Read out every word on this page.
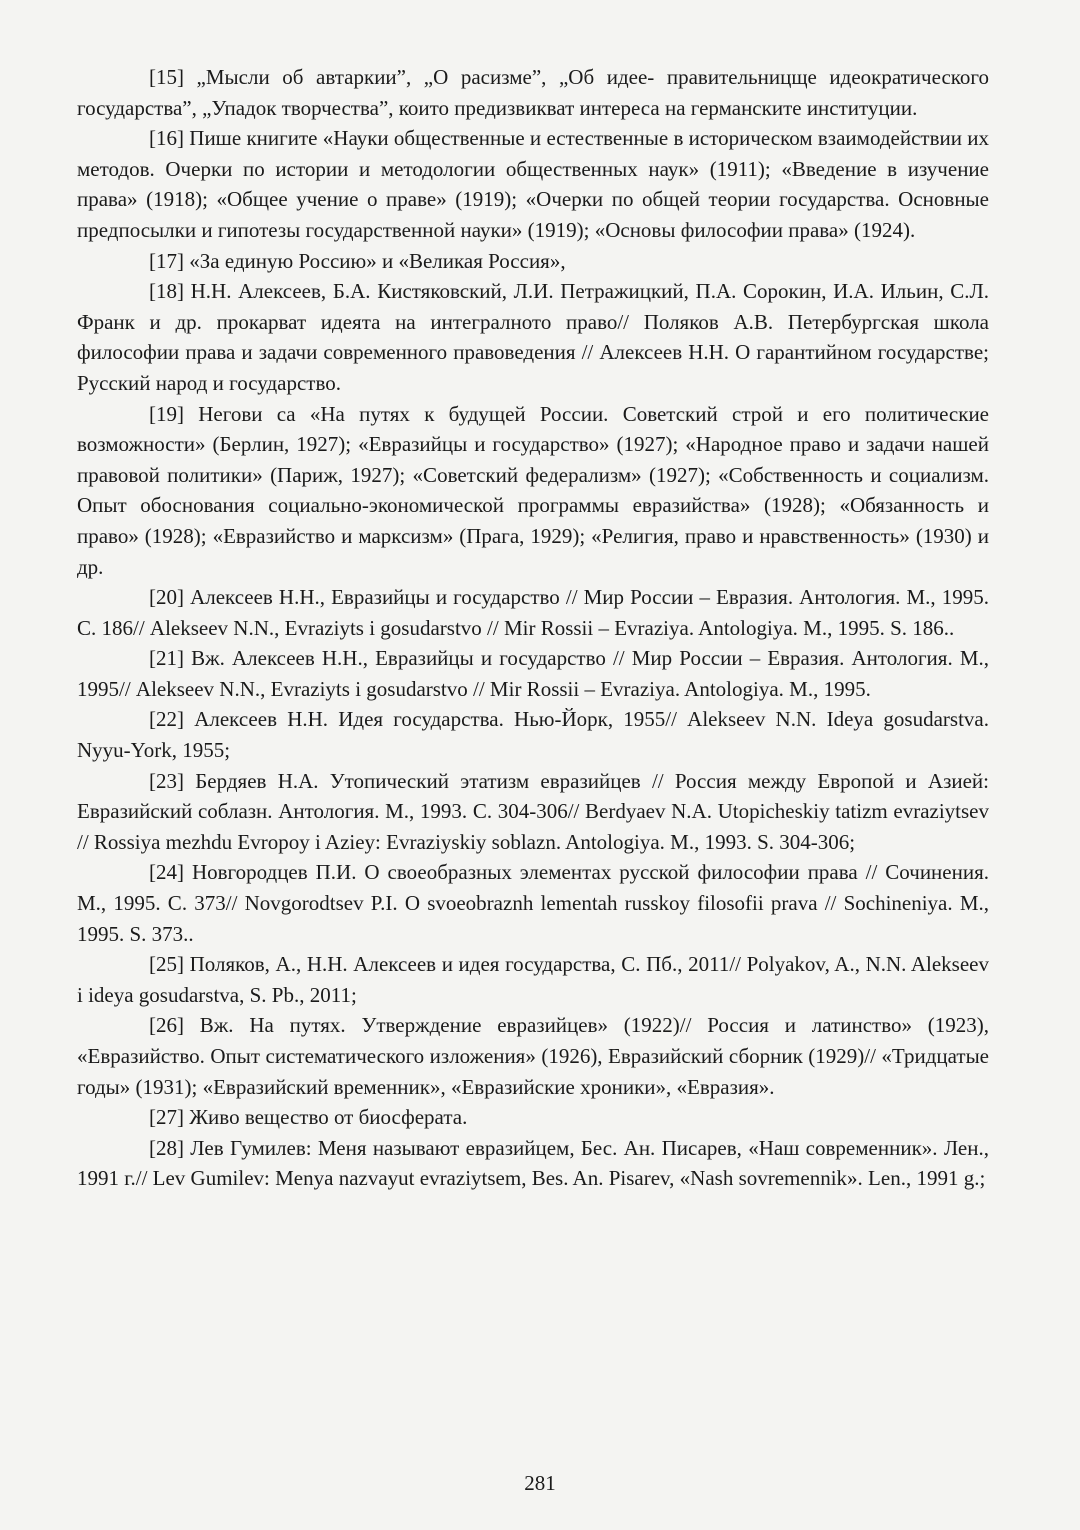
[15] „Мысли об автаркии”, „О расизме”, „Об идее- правительницще идеократического государства”, „Упадок творчества”, които предизвикват интереса на германските институции.

[16] Пише книгите «Науки общественные и естественные в историческом взаимодействии их методов. Очерки по истории и методологии общественных наук» (1911); «Введение в изучение права» (1918); «Общее учение о праве» (1919); «Очерки по общей теории государства. Основные предпосылки и гипотезы государственной науки» (1919); «Основы философии права» (1924).

[17] «За единую Россию» и «Великая Россия»,

[18] Н.Н. Алексеев, Б.А. Кистяковский, Л.И. Петражицкий, П.А. Сорокин, И.А. Ильин, С.Л. Франк и др. прокарват идеята на интегралното право// Поляков А.В. Петербургская школа философии права и задачи современного правоведения // Алексеев Н.Н. О гарантийном государстве; Русский народ и государство.

[19] Негови са «На путях к будущей России. Советский строй и его политические возможности» (Берлин, 1927); «Евразийцы и государство» (1927); «Народное право и задачи нашей правовой политики» (Париж, 1927); «Советский федерализм» (1927); «Собственность и социализм. Опыт обоснования социально-экономической программы евразийства» (1928); «Обязанность и право» (1928); «Евразийство и марксизм» (Прага, 1929); «Религия, право и нравственность» (1930) и др.

[20] Алексеев Н.Н., Евразийцы и государство // Мир России – Евразия. Антология. М., 1995. С. 186// Alekseev N.N., Evraziyts i gosudarstvo // Mir Rossii – Evraziya. Antologiya. M., 1995. S. 186..

[21] Вж. Алексеев Н.Н., Евразийцы и государство // Мир России – Евразия. Антология. М., 1995// Alekseev N.N., Evraziyts i gosudarstvo // Mir Rossii – Evraziya. Antologiya. M., 1995.

[22] Алексеев Н.Н. Идея государства. Нью-Йорк, 1955// Alekseev N.N. Ideya gosudarstva. Nyyu-York, 1955;

[23] Бердяев Н.А. Утопический этатизм евразийцев // Россия между Европой и Азией: Евразийский соблазн. Антология. М., 1993. С. 304-306// Berdyaev N.A. Utopicheskiy tatizm evraziytsev // Rossiya mezhdu Evropoy i Aziey: Evraziyskiy soblazn. Antologiya. M., 1993. S. 304-306;

[24] Новгородцев П.И. О своеобразных элементах русской философии права // Сочинения. М., 1995. С. 373// Novgorodtsev P.I. O svoeobraznh lementah russkoy filosofii prava // Sochineniya. M., 1995. S. 373..

[25] Поляков, А., Н.Н. Алексеев и идея государства, С. Пб., 2011// Polyakov, A., N.N. Alekseev i ideya gosudarstva, S. Pb., 2011;

[26] Вж. На путях. Утверждение евразийцев» (1922)// Россия и латинство» (1923), «Евразийство. Опыт систематического изложения» (1926), Евразийский сборник (1929)// «Тридцатые годы» (1931); «Евразийский временник», «Евразийские хроники», «Евразия».

[27] Живо вещество от биосферата.

[28] Лев Гумилев: Меня называют евразийцем, Бес. Ан. Писарев, «Наш современник». Лен., 1991 г.// Lev Gumilev: Menya nazvayut evraziytsem, Bes. An. Pisarev, «Nash sovremennik». Len., 1991 g.;

281
